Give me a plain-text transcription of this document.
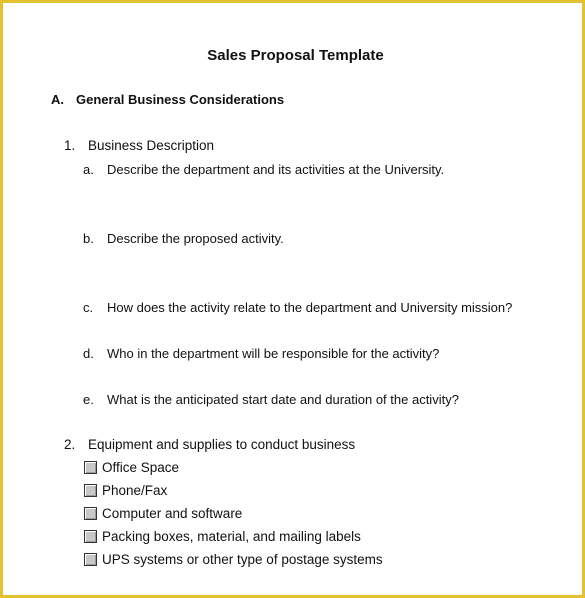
Sales Proposal Template
A. General Business Considerations
1. Business Description
a. Describe the department and its activities at the University.
b. Describe the proposed activity.
c. How does the activity relate to the department and University mission?
d. Who in the department will be responsible for the activity?
e. What is the anticipated start date and duration of the activity?
2. Equipment and supplies to conduct business
Office Space
Phone/Fax
Computer and software
Packing boxes, material, and mailing labels
UPS systems or other type of postage systems
